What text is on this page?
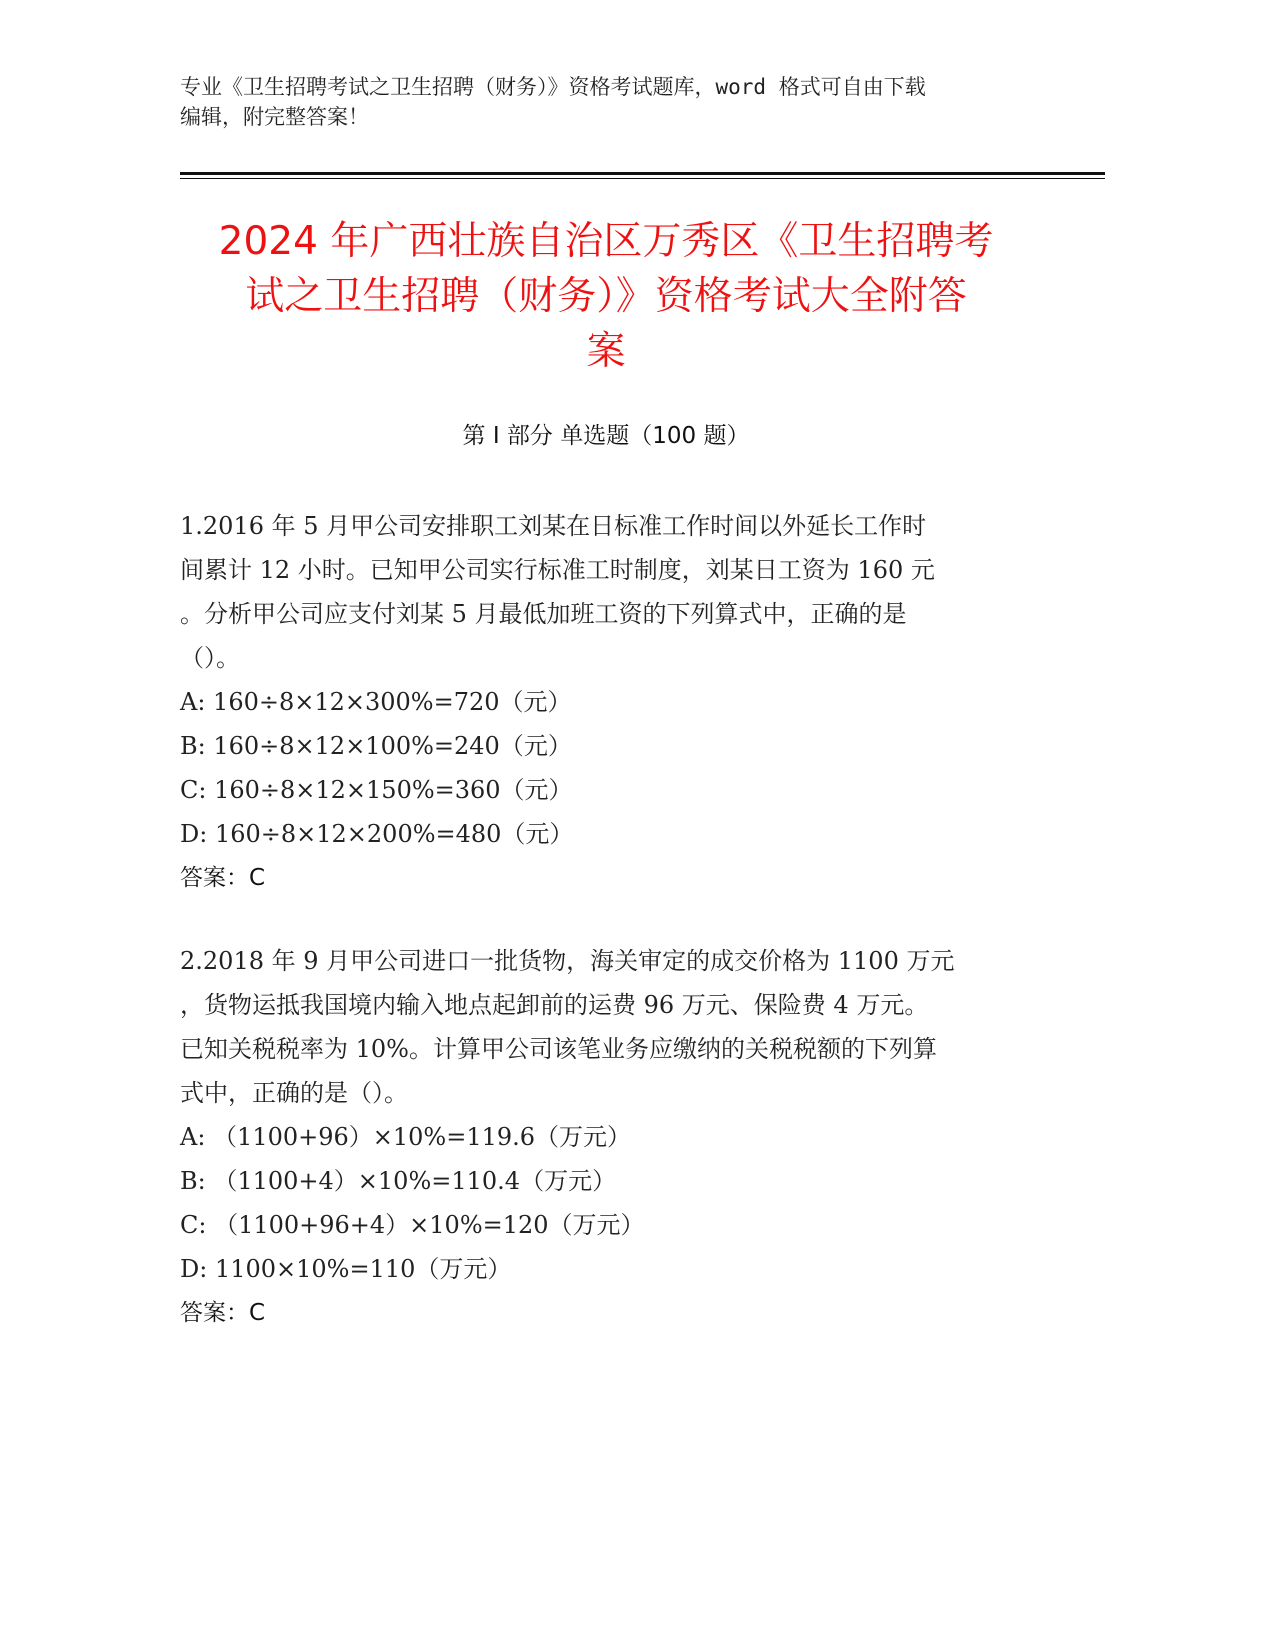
专业《卫生招聘考试之卫生招聘（财务）》资格考试题库，word 格式可自由下载
编辑，附完整答案！
2024 年广西壮族自治区万秀区《卫生招聘考
试之卫生招聘（财务）》资格考试大全附答
案
第 I 部分 单选题（100 题）
1.2016 年 5 月甲公司安排职工刘某在日标准工作时间以外延长工作时
间累计 12 小时。已知甲公司实行标准工时制度，刘某日工资为 160 元
。分析甲公司应支付刘某 5 月最低加班工资的下列算式中，正确的是
（）。
A: 160÷8×12×300%=720（元）
B: 160÷8×12×100%=240（元）
C: 160÷8×12×150%=360（元）
D: 160÷8×12×200%=480（元）
答案：C
2.2018 年 9 月甲公司进口一批货物，海关审定的成交价格为 1100 万元
，货物运抵我国境内输入地点起卸前的运费 96 万元、保险费 4 万元。
已知关税税率为 10%。计算甲公司该笔业务应缴纳的关税税额的下列算
式中，正确的是（）。
A: （1100+96）×10%=119.6（万元）
B: （1100+4）×10%=110.4（万元）
C: （1100+96+4）×10%=120（万元）
D: 1100×10%=110（万元）
答案：C
